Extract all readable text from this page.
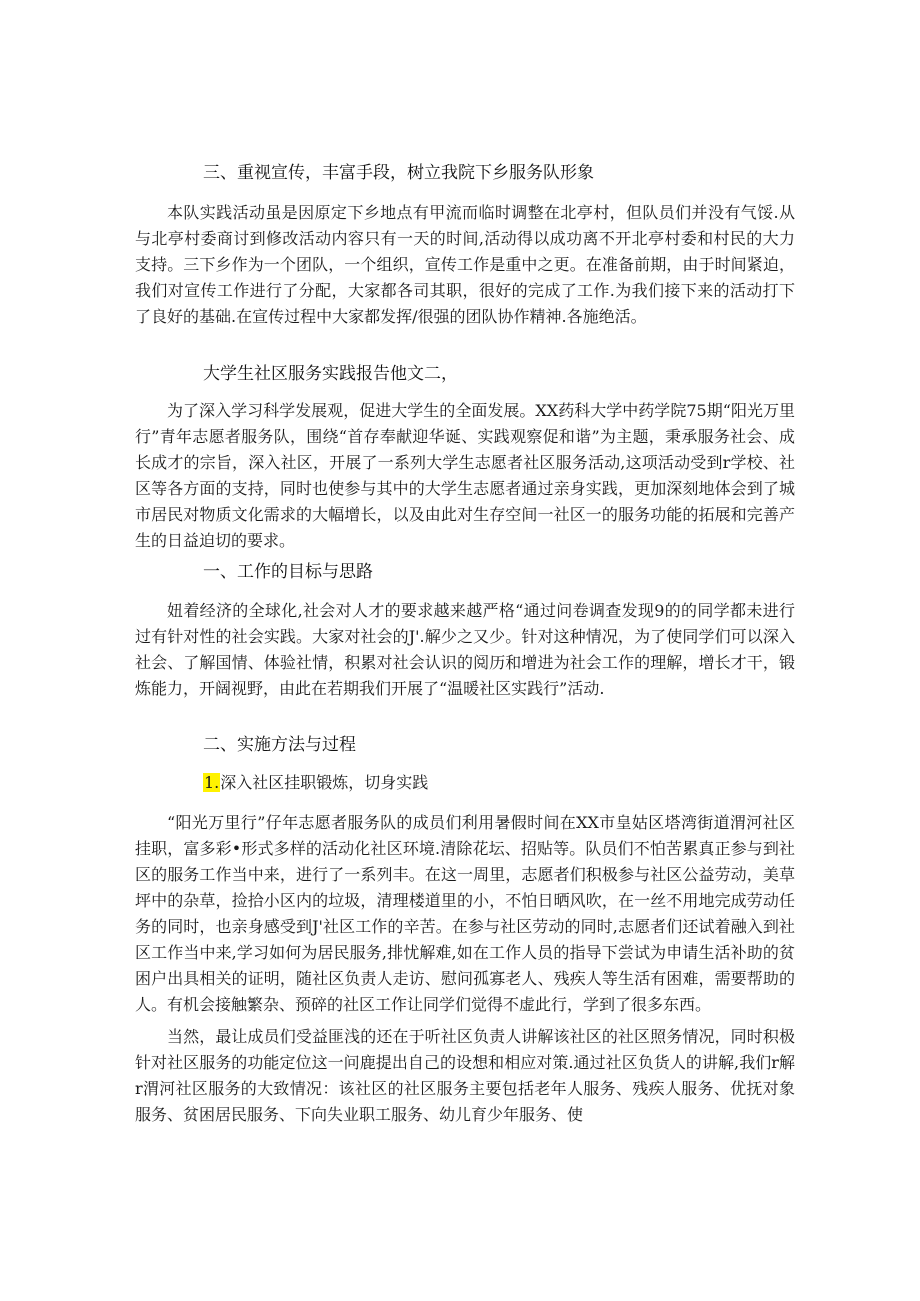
三、重视宣传，丰富手段，树立我院下乡服务队形象
本队实践活动虽是因原定下乡地点有甲流而临时调整在北亭村，但队员们并没有气馁.从与北亭村委商讨到修改活动内容只有一天的时间,活动得以成功离不开北亭村委和村民的大力支持。三下乡作为一个团队，一个组织，宣传工作是重中之更。在准备前期，由于时间紧迫，我们对宣传工作进行了分配，大家都各司其职，很好的完成了工作.为我们接下来的活动打下了良好的基础.在宣传过程中大家都发挥/很强的团队协作精神.各施绝活。
大学生社区服务实践报告他文二，
为了深入学习科学发展观，促进大学生的全面发展。XX药科大学中药学院75期“阳光万里行”青年志愿者服务队，围绕“首存奉献迎华诞、实践观察促和谐”为主题，秉承服务社会、成长成才的宗旨，深入社区，开展了一系列大学生志愿者社区服务活动,这项活动受到r学校、社区等各方面的支持，同时也使参与其中的大学生志愿者通过亲身实践，更加深刻地体会到了城市居民对物质文化需求的大幅增长，以及由此对生存空间一社区一的服务功能的拓展和完善产生的日益迫切的要求。
一、工作的目标与思路
妞着经济的全球化,社会对人才的要求越来越严格“通过问卷调查发现9的的同学都未进行过有针对性的社会实践。大家对社会的J'.解少之又少。针对这种情况，为了使同学们可以深入社会、了解国情、体验社情，积累对社会认识的阅历和增进为社会工作的理解，增长才干，锻炼能力，开阔视野，由此在若期我们开展了“温暖社区实践行”活动.
二、实施方法与过程
1.深入社区挂职锻炼，切身实践
“阳光万里行”仔年志愿者服务队的成员们利用暑假时间在XX市皇姑区塔湾街道渭河社区挂职，富多彩•形式多样的活动化社区环境.清除花坛、招贴等。队员们不怕苦累真正参与到社区的服务工作当中来，进行了一系列丰。在这一周里，志愿者们积极参与社区公益劳动，美草坪中的杂草，捡拾小区内的垃圾，清理楼道里的小，不怕日晒风吹，在一丝不用地完成劳动任务的同时，也亲身感受到J'社区工作的辛苦。在参与社区劳动的同时,志愿者们还试着融入到社区工作当中来,学习如何为居民服务,排忧解难,如在工作人员的指导下尝试为申请生活补助的贫困户出具相关的证明，随社区负责人走访、慰问孤寡老人、残疾人等生活有困难，需要帮助的人。有机会接触繁杂、预碎的社区工作让同学们觉得不虚此行，学到了很多东西。
当然，最让成员们受益匪浅的还在于听社区负责人讲解该社区的社区照务情况，同时积极针对社区服务的功能定位这一问鹿提出自己的设想和相应对策.通过社区负货人的讲解,我们r解r渭河社区服务的大致情况：该社区的社区服务主要包括老年人服务、残疾人服务、优抚对象服务、贫困居民服务、下向失业职工服务、幼儿育少年服务、使
